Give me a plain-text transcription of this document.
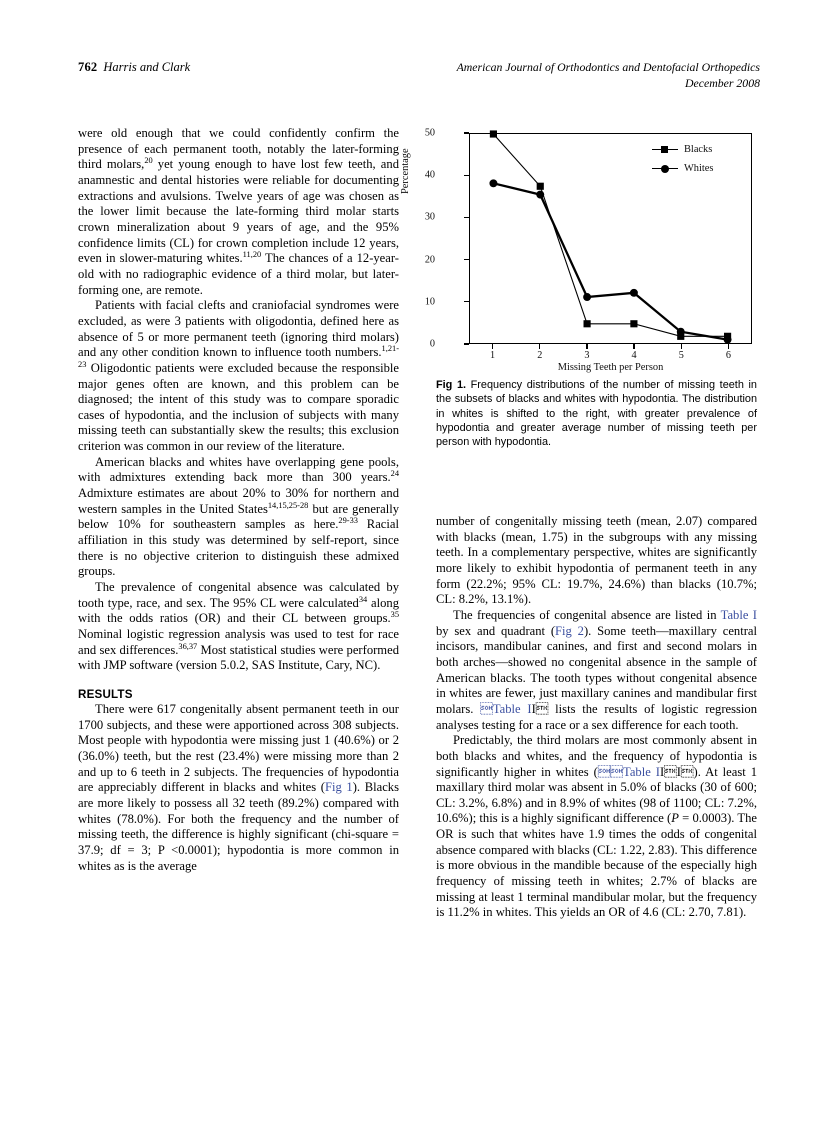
762 Harris and Clark	American Journal of Orthodontics and Dentofacial Orthopedics
December 2008

were old enough that we could confidently confirm the presence of each permanent tooth, notably the later-forming third molars,$^{20}$ yet young enough to have lost few teeth, and anamnestic and dental histories were reliable for documenting extractions and avulsions. Twelve years of age was chosen as the lower limit because the late-forming third molar starts crown mineralization about 9 years of age, and the 95% confidence limits (CL) for crown completion include 12 years, even in slower-maturing whites.$^{11,20}$ The chances of a 12-year-old with no radiographic evidence of a third molar, but later-forming one, are remote.

Patients with facial clefts and craniofacial syndromes were excluded, as were 3 patients with oligodontia, defined here as absence of 5 or more permanent teeth (ignoring third molars) and any other condition known to influence tooth numbers.$^{1,21-23}$ Oligodontic patients were excluded because the responsible major genes often are known, and this problem can be diagnosed; the intent of this study was to compare sporadic cases of hypodontia, and the inclusion of subjects with many missing teeth can substantially skew the results; this exclusion criterion was common in our review of the literature.

American blacks and whites have overlapping gene pools, with admixtures extending back more than 300 years.$^{24}$ Admixture estimates are about 20% to 30% for northern and western samples in the United States$^{14,15,25-28}$ but are generally below 10% for southeastern samples as here.$^{29-33}$ Racial affiliation in this study was determined by self-report, since there is no objective criterion to distinguish these admixed groups.

The prevalence of congenital absence was calculated by tooth type, race, and sex. The 95% CL were calculated$^{34}$ along with the odds ratios (OR) and their CL between groups.$^{35}$ Nominal logistic regression analysis was used to test for race and sex differences.$^{36,37}$ Most statistical studies were performed with JMP software (version 5.0.2, SAS Institute, Cary, NC).

RESULTS

There were 617 congenitally absent permanent teeth in our 1700 subjects, and these were apportioned across 308 subjects. Most people with hypodontia were missing just 1 (40.6%) or 2 (36.0%) teeth, but the rest (23.4%) were missing more than 2 and up to 6 teeth in 2 subjects. The frequencies of hypodontia are appreciably different in blacks and whites (Fig 1). Blacks are more likely to possess all 32 teeth (89.2%) compared with whites (78.0%). For both the frequency and the number of missing teeth, the difference is highly significant (chi-square = 37.9; df = 3; P <0.0001); hypodontia is more common in whites as is the average

Percentage
0
10
20
30
40
50
1	2	3	4	5	6
Missing Teeth per Person
Blacks
Whites
Fig 1. Frequency distributions of the number of missing teeth in the subsets of blacks and whites with hypodontia. The distribution in whites is shifted to the right, with greater prevalence of hypodontia and greater average number of missing teeth per person with hypodontia.

number of congenitally missing teeth (mean, 2.07) compared with blacks (mean, 1.75) in the subgroups with any missing teeth. In a complementary perspective, whites are significantly more likely to exhibit hypodontia of permanent teeth in any form (22.2%; 95% CL: 19.7%, 24.6%) than blacks (10.7%; CL: 8.2%, 13.1%).

The frequencies of congenital absence are listed in Table I by sex and quadrant (Fig 2). Some teeth—maxillary central incisors, mandibular canines, and first and second molars in both arches—showed no congenital absence in the sample of American blacks. The tooth types without congenital absence in whites are fewer, just maxillary canines and mandibular first molars. Table II lists the results of logistic regression analyses testing for a race or a sex difference for each tooth.

Predictably, the third molars are most commonly absent in both blacks and whites, and the frequency of hypodontia is significantly higher in whites (Table III). At least 1 maxillary third molar was absent in 5.0% of blacks (30 of 600; CL: 3.2%, 6.8%) and in 8.9% of whites (98 of 1100; CL: 7.2%, 10.6%); this is a highly significant difference (P = 0.0003). The OR is such that whites have 1.9 times the odds of congenital absence compared with blacks (CL: 1.22, 2.83). This difference is more obvious in the mandible because of the especially high frequency of missing teeth in whites; 2.7% of blacks are missing at least 1 terminal mandibular molar, but the frequency is 11.2% in whites. This yields an OR of 4.6 (CL: 2.70, 7.81).
